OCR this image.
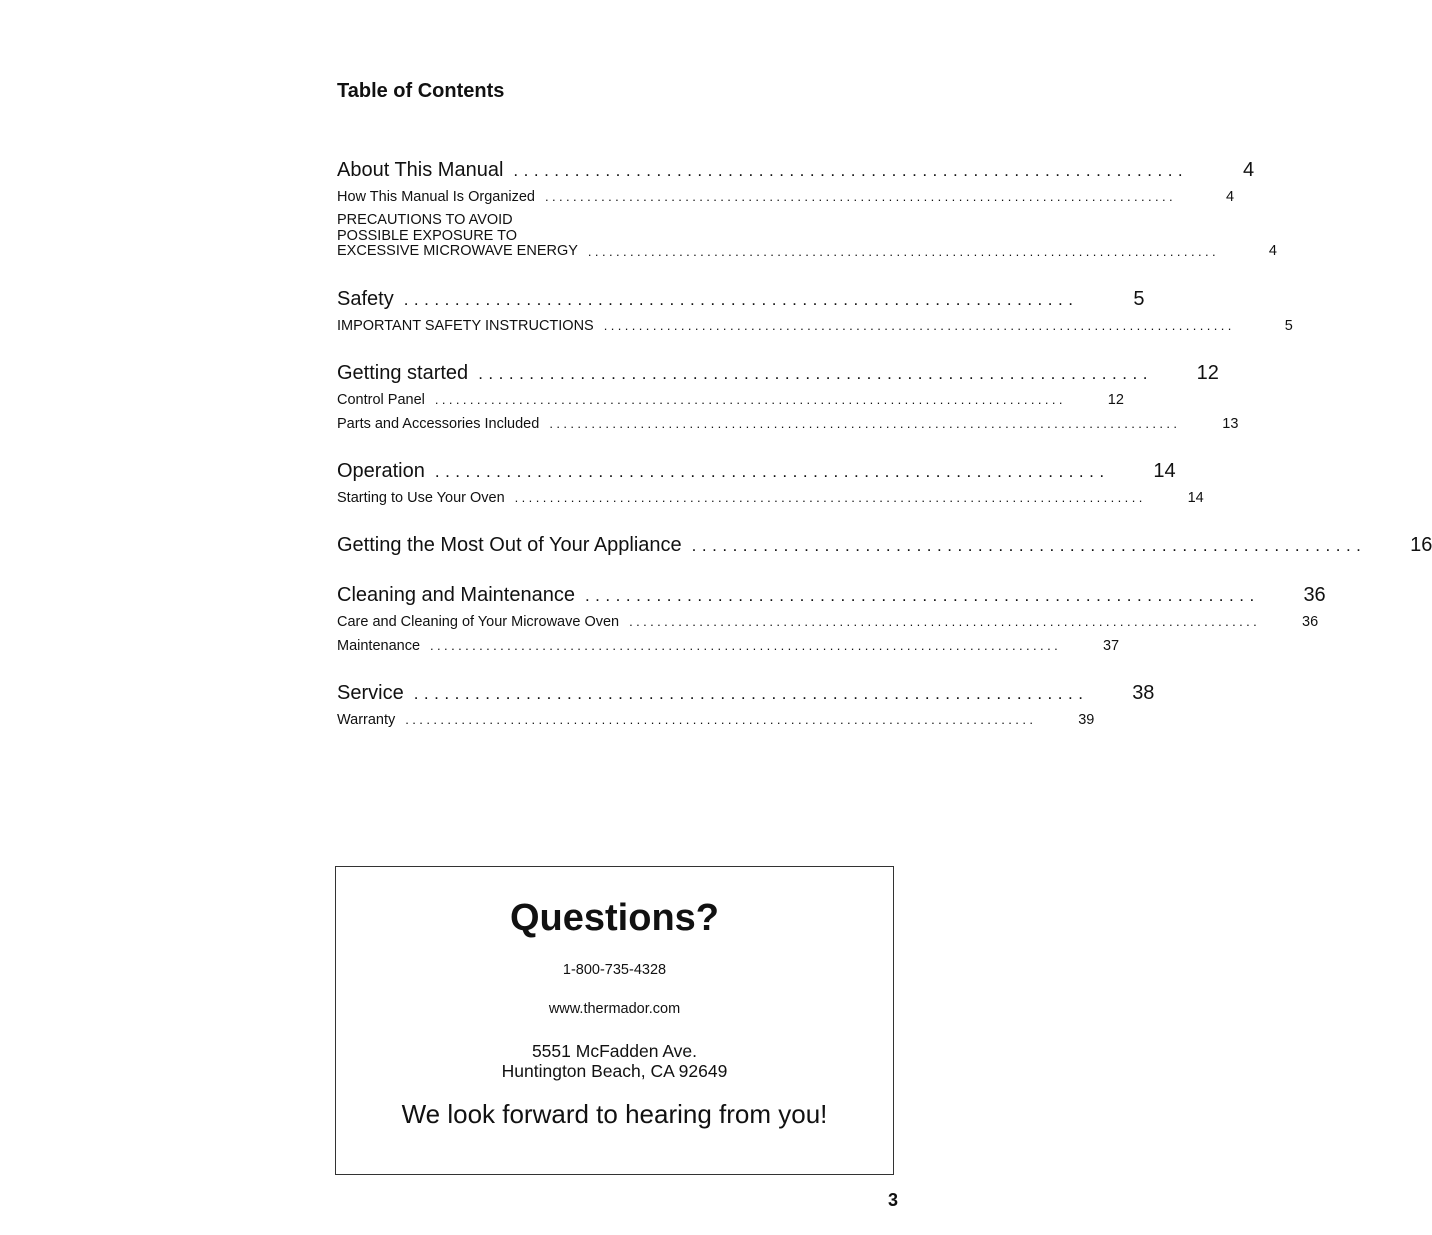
Table of Contents
About This Manual ..................................................................	4
How This Manual Is Organized ..........................................................................................	4
PRECAUTIONS TO AVOID
POSSIBLE EXPOSURE TO
EXCESSIVE MICROWAVE ENERGY ..........................................................................................	4
Safety ..................................................................	5
IMPORTANT SAFETY INSTRUCTIONS ..........................................................................................	5
Getting started ..................................................................	12
Control Panel ..........................................................................................	12
Parts and Accessories Included ..........................................................................................	13
Operation ..................................................................	14
Starting to Use Your Oven ..........................................................................................	14
Getting the Most Out of Your Appliance ..................................................................	16
Cleaning and Maintenance ..................................................................	36
Care and Cleaning of Your Microwave Oven ..........................................................................................	36
Maintenance ..........................................................................................	37
Service ..................................................................	38
Warranty ..........................................................................................	39
Questions?
1-800-735-4328
www.thermador.com
5551 McFadden Ave.
Huntington Beach, CA 92649
We look forward to hearing from you!
3
